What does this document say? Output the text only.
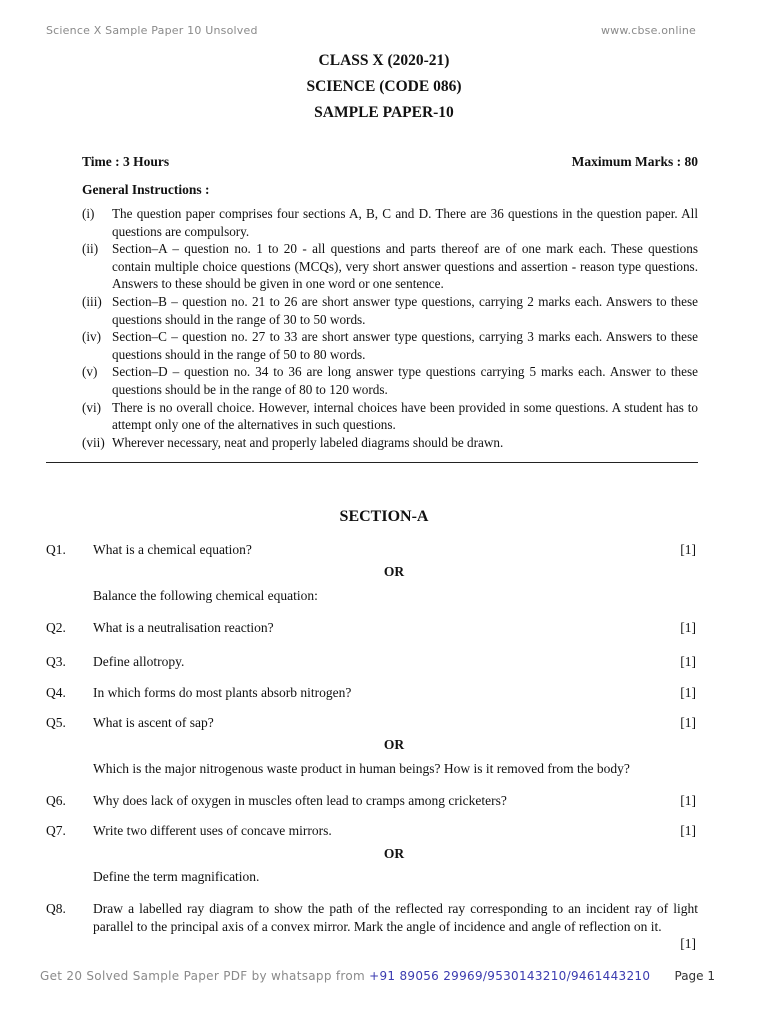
Science X Sample Paper 10 Unsolved	www.cbse.online
CLASS X (2020-21)
SCIENCE (CODE 086)
SAMPLE PAPER-10
Time : 3 Hours	Maximum Marks : 80
General Instructions :
(i)	The question paper comprises four sections A, B, C and D. There are 36 questions in the question paper. All questions are compulsory.
(ii)	Section–A – question no. 1 to 20 - all questions and parts thereof are of one mark each. These questions contain multiple choice questions (MCQs), very short answer questions and assertion - reason type questions. Answers to these should be given in one word or one sentence.
(iii) Section–B – question no. 21 to 26 are short answer type questions, carrying 2 marks each. Answers to these questions should in the range of 30 to 50 words.
(iv) Section–C – question no. 27 to 33 are short answer type questions, carrying 3 marks each. Answers to these questions should in the range of 50 to 80 words.
(v)	Section–D – question no. 34 to 36 are long answer type questions carrying 5 marks each. Answer to these questions should be in the range of 80 to 120 words.
(vi) There is no overall choice. However, internal choices have been provided in some questions. A student has to attempt only one of the alternatives in such questions.
(vii) Wherever necessary, neat and properly labeled diagrams should be drawn.
SECTION-A
Q1. What is a chemical equation?	[1]
OR
Balance the following chemical equation:
Q2. What is a neutralisation reaction?	[1]
Q3. Define allotropy.	[1]
Q4. In which forms do most plants absorb nitrogen?	[1]
Q5. What is ascent of sap?	[1]
OR
Which is the major nitrogenous waste product in human beings? How is it removed from the body?
Q6. Why does lack of oxygen in muscles often lead to cramps among cricketers?	[1]
Q7. Write two different uses of concave mirrors.	[1]
OR
Define the term magnification.
Q8. Draw a labelled ray diagram to show the path of the reflected ray corresponding to an incident ray of light parallel to the principal axis of a convex mirror. Mark the angle of incidence and angle of reflection on it.
[1]
Get 20 Solved Sample Paper PDF by whatsapp from +91 89056 29969/9530143210/9461443210 Page 1
